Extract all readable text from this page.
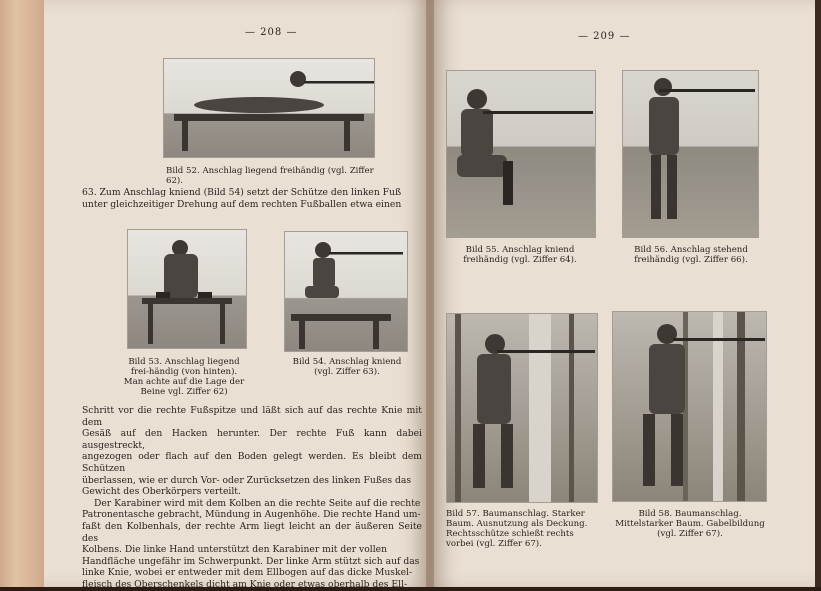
— 208 —
Bild 52. Anschlag liegend freihändig (vgl. Ziffer 62).

63. Zum Anschlag kniend (Bild 54) setzt der Schütze den linken Fuß

unter gleichzeitiger Drehung auf dem rechten Fußballen etwa einen

Bild 53. Anschlag liegend frei-händig (von hinten). Man achte auf die Lage der Beine vgl. Ziffer 62)
Bild 54. Anschlag kniend (vgl. Ziffer 63).

Schritt vor die rechte Fußspitze und läßt sich auf das rechte Knie mit dem

Gesäß auf den Hacken herunter. Der rechte Fuß kann dabei ausgestreckt,

angezogen oder flach auf den Boden gelegt werden. Es bleibt dem Schützen

überlassen, wie er durch Vor- oder Zurücksetzen des linken Fußes das

Gewicht des Oberkörpers verteilt.

Der Karabiner wird mit dem Kolben an die rechte Seite auf die rechte

Patronentasche gebracht, Mündung in Augenhöhe. Die rechte Hand um-

faßt den Kolbenhals, der rechte Arm liegt leicht an der äußeren Seite des

Kolbens. Die linke Hand unterstützt den Karabiner mit der vollen

Handfläche ungefähr im Schwerpunkt. Der linke Arm stützt sich auf das

linke Knie, wobei er entweder mit dem Ellbogen auf das dicke Muskel-

fleisch des Oberschenkels dicht am Knie oder etwas oberhalb des Ell-

— 209 —
Bild 55. Anschlag kniend freihändig (vgl. Ziffer 64).
Bild 56. Anschlag stehend freihändig (vgl. Ziffer 66).
Bild 57. Baumanschlag. Starker Baum. Ausnutzung als Deckung. Rechtsschütze schießt rechts vorbei (vgl. Ziffer 67).
Bild 58. Baumanschlag. Mittelstarker Baum. Gabelbildung (vgl. Ziffer 67).
